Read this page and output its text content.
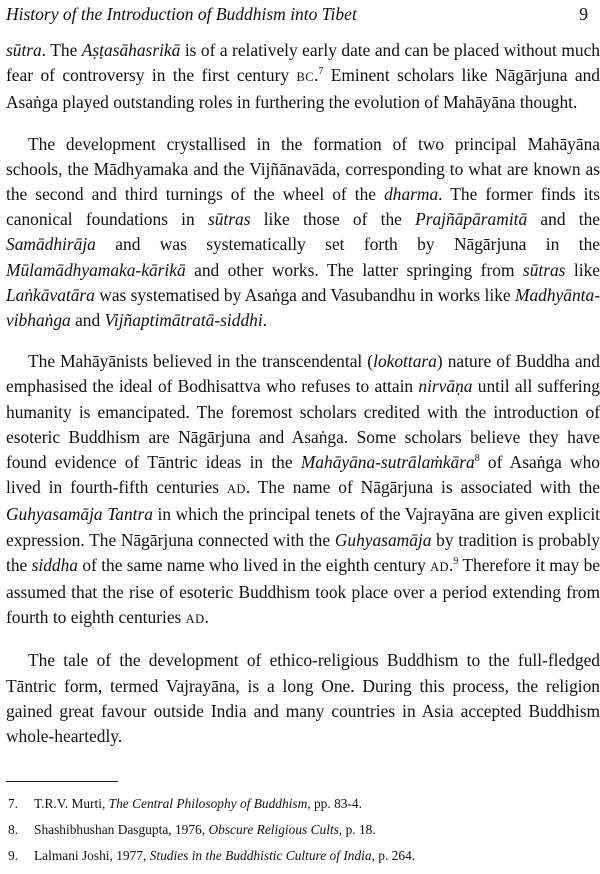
History of the Introduction of Buddhism into Tibet	9

sūtra. The Aṣṭasāhasrikā is of a relatively early date and can be placed without much fear of controversy in the first century BC.$^7$ Eminent scholars like Nāgārjuna and Asaṅga played outstanding roles in furthering the evolution of Mahāyāna thought.

The development crystallised in the formation of two principal Mahāyāna schools, the Mādhyamaka and the Vijñānavāda, corresponding to what are known as the second and third turnings of the wheel of the dharma. The former finds its canonical foundations in sūtras like those of the Prajñāpāramitā and the Samādhirāja and was systematically set forth by Nāgārjuna in the Mūlamādhyamaka-kārikā and other works. The latter springing from sūtras like Laṅkāvatāra was systematised by Asaṅga and Vasubandhu in works like Madhyānta-vibhaṅga and Vijñaptimātratā-siddhi.

The Mahāyānists believed in the transcendental (lokottara) nature of Buddha and emphasised the ideal of Bodhisattva who refuses to attain nirvāṇa until all suffering humanity is emancipated. The foremost scholars credited with the introduction of esoteric Buddhism are Nāgārjuna and Asaṅga. Some scholars believe they have found evidence of Tāntric ideas in the Mahāyāna-sutrālaṁkāra$^8$ of Asaṅga who lived in fourth-fifth centuries AD. The name of Nāgārjuna is associated with the Guhyasamāja Tantra in which the principal tenets of the Vajrayāna are given explicit expression. The Nāgārjuna connected with the Guhyasamāja by tradition is probably the siddha of the same name who lived in the eighth century AD.$^9$ Therefore it may be assumed that the rise of esoteric Buddhism took place over a period extending from fourth to eighth centuries AD.

The tale of the development of ethico-religious Buddhism to the full-fledged Tāntric form, termed Vajrayāna, is a long One. During this process, the religion gained great favour outside India and many countries in Asia accepted Buddhism whole-heartedly.

7. T.R.V. Murti, The Central Philosophy of Buddhism, pp. 83-4.
8. Shashibhushan Dasgupta, 1976, Obscure Religious Cults, p. 18.
9. Lalmani Joshi, 1977, Studies in the Buddhistic Culture of India, p. 264.
